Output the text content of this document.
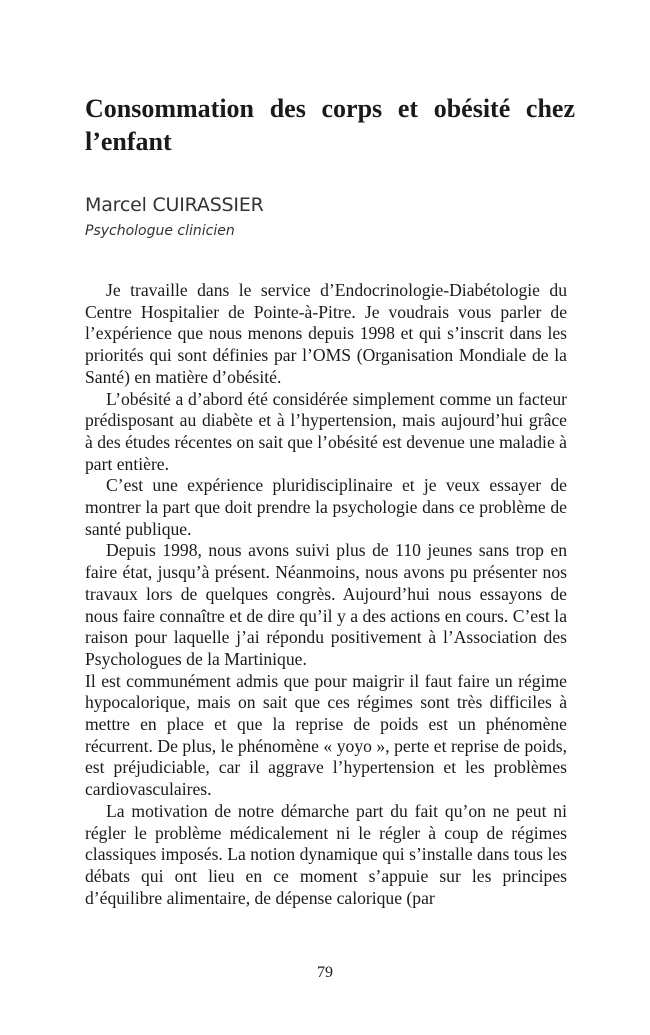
Consommation des corps et obésité chez l’enfant

Marcel CUIRASSIER

Psychologue clinicien

Je travaille dans le service d’Endocrinologie-Diabétologie du Centre Hospitalier de Pointe-à-Pitre. Je voudrais vous parler de l’expérience que nous menons depuis 1998 et qui s’inscrit dans les priorités qui sont définies par l’OMS (Organisation Mondiale de la Santé) en matière d’obésité.

L’obésité a d’abord été considérée simplement comme un facteur prédisposant au diabète et à l’hypertension, mais aujourd’hui grâce à des études récentes on sait que l’obésité est devenue une maladie à part entière.

C’est une expérience pluridisciplinaire et je veux essayer de montrer la part que doit prendre la psychologie dans ce problème de santé publique.

Depuis 1998, nous avons suivi plus de 110 jeunes sans trop en faire état, jusqu’à présent. Néanmoins, nous avons pu présenter nos travaux lors de quelques congrès. Aujourd’hui nous essayons de nous faire connaître et de dire qu’il y a des actions en cours. C’est la raison pour laquelle j’ai répondu positivement à l’Association des Psychologues de la Martinique.

Il est communément admis que pour maigrir il faut faire un régime hypocalorique, mais on sait que ces régimes sont très difficiles à mettre en place et que la reprise de poids est un phénomène récurrent. De plus, le phénomène « yoyo », perte et reprise de poids, est préjudiciable, car il aggrave l’hypertension et les problèmes cardiovasculaires.

La motivation de notre démarche part du fait qu’on ne peut ni régler le problème médicalement ni le régler à coup de régimes classiques imposés. La notion dynamique qui s’installe dans tous les débats qui ont lieu en ce moment s’appuie sur les principes d’équilibre alimentaire, de dépense calorique (par

79
